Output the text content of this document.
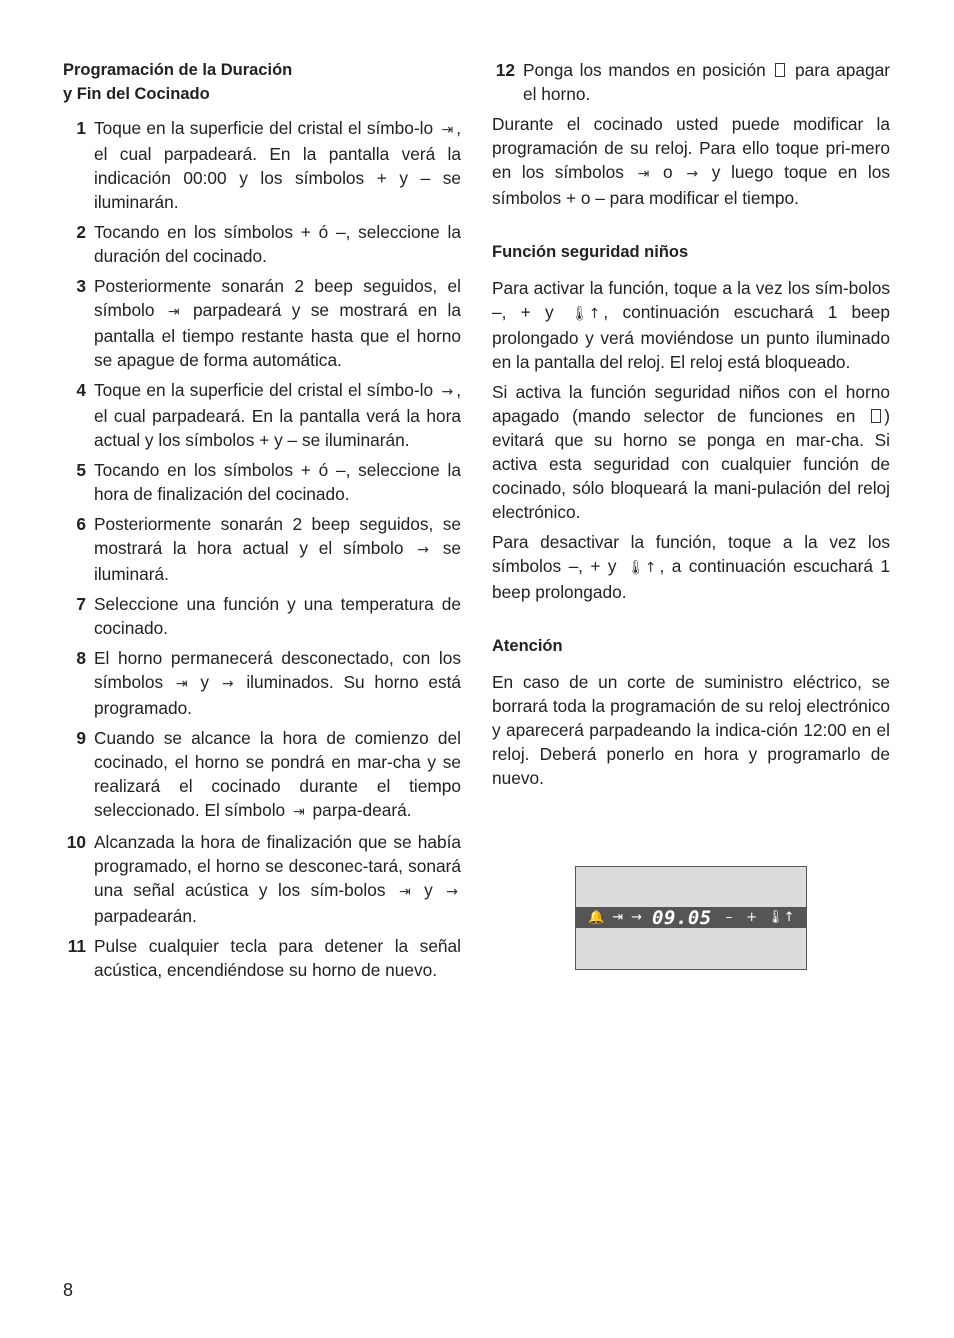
Programación de la Duración

y Fin del Cocinado

1 Toque en la superficie del cristal el símbo-lo ⇥ , el cual parpadeará. En la pantalla verá la indicación 00:00 y los símbolos + y – se iluminarán.
2 Tocando en los símbolos + ó –, seleccione la duración del cocinado.
3 Posteriormente sonarán 2 beep seguidos, el símbolo ⇥ parpadeará y se mostrará en la pantalla el tiempo restante hasta que el horno se apague de forma automática.
4 Toque en la superficie del cristal el símbo-lo → , el cual parpadeará. En la pantalla verá la hora actual y los símbolos + y – se iluminarán.
5 Tocando en los símbolos + ó –, seleccione la hora de finalización del cocinado.
6 Posteriormente sonarán 2 beep seguidos, se mostrará la hora actual y el símbolo → se iluminará.
7 Seleccione una función y una temperatura de cocinado.
8 El horno permanecerá desconectado, con los símbolos ⇥ y → iluminados. Su horno está programado.
9 Cuando se alcance la hora de comienzo del cocinado, el horno se pondrá en mar-cha y se realizará el cocinado durante el tiempo seleccionado. El símbolo ⇥ parpa-deará.
10 Alcanzada la hora de finalización que se había programado, el horno se desconec-tará, sonará una señal acústica y los sím-bolos ⇥ y → parpadearán.
11 Pulse cualquier tecla para detener la señal acústica, encendiéndose su horno de nuevo.
12 Ponga los mandos en posición para apagar el horno.

Durante el cocinado usted puede modificar la programación de su reloj. Para ello toque pri-mero en los símbolos ⇥ o → y luego toque en los símbolos + o – para modificar el tiempo.

Función seguridad niños

Para activar la función, toque a la vez los sím-bolos –, + y 🌡↑ , continuación escuchará 1 beep prolongado y verá moviéndose un punto iluminado en la pantalla del reloj. El reloj está bloqueado.

Si activa la función seguridad niños con el horno apagado (mando selector de funciones en ) evitará que su horno se ponga en mar-cha. Si activa esta seguridad con cualquier función de cocinado, sólo bloqueará la mani-pulación del reloj electrónico.

Para desactivar la función, toque a la vez los símbolos –, + y 🌡↑ , a continuación escuchará 1 beep prolongado.

Atención

En caso de un corte de suministro eléctrico, se borrará toda la programación de su reloj electrónico y aparecerá parpadeando la indica-ción 12:00 en el reloj. Deberá ponerlo en hora y programarlo de nuevo.

🔔 ⇥ → 09.05 – + 🌡↑
8
